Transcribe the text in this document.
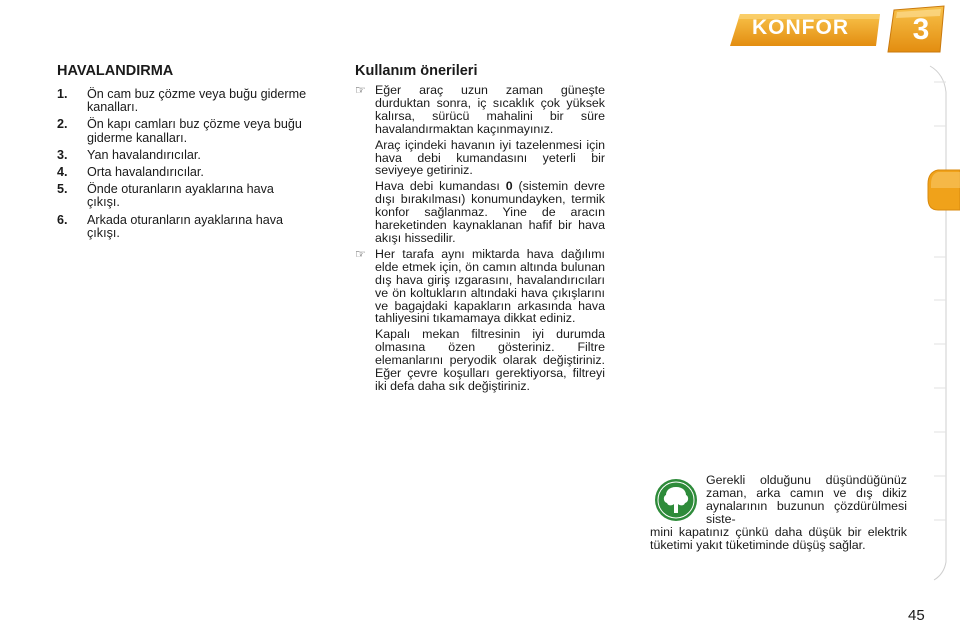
KONFOR 3
HAVALANDIRMA
1. Ön cam buz çözme veya buğu giderme kanalları.
2. Ön kapı camları buz çözme veya buğu giderme kanalları.
3. Yan havalandırıcılar.
4. Orta havalandırıcılar.
5. Önde oturanların ayaklarına hava çıkışı.
6. Arkada oturanların ayaklarına hava çıkışı.
Kullanım önerileri
☞ Eğer araç uzun zaman güneşte durduktan sonra, iç sıcaklık çok yüksek kalırsa, sürücü mahalini bir süre havalandırmaktan kaçınmayınız.
Araç içindeki havanın iyi tazelenmesi için hava debi kumandasını yeterli bir seviyeye getiriniz.
Hava debi kumandası 0 (sistemin devre dışı bırakılması) konumundayken, termik konfor sağlanmaz. Yine de aracın hareketinden kaynaklanan hafif bir hava akışı hissedilir.
☞ Her tarafa aynı miktarda hava dağılımı elde etmek için, ön camın altında bulunan dış hava giriş ızgarasını, havalandırıcıları ve ön koltukların altındaki hava çıkışlarını ve bagajdaki kapakların arkasında hava tahliyesini tıkamamaya dikkat ediniz.
Kapalı mekan filtresinin iyi durumda olmasına özen gösteriniz. Filtre elemanlarını peryodik olarak değiştiriniz. Eğer çevre koşulları gerektiyorsa, filtreyi iki defa daha sık değiştiriniz.
Gerekli olduğunu düşündüğünüz zaman, arka camın ve dış dikiz aynalarının buzunun çözdürülmesi siste-
mini kapatınız çünkü daha düşük bir elektrik tüketimi yakıt tüketiminde düşüş sağlar.
45
